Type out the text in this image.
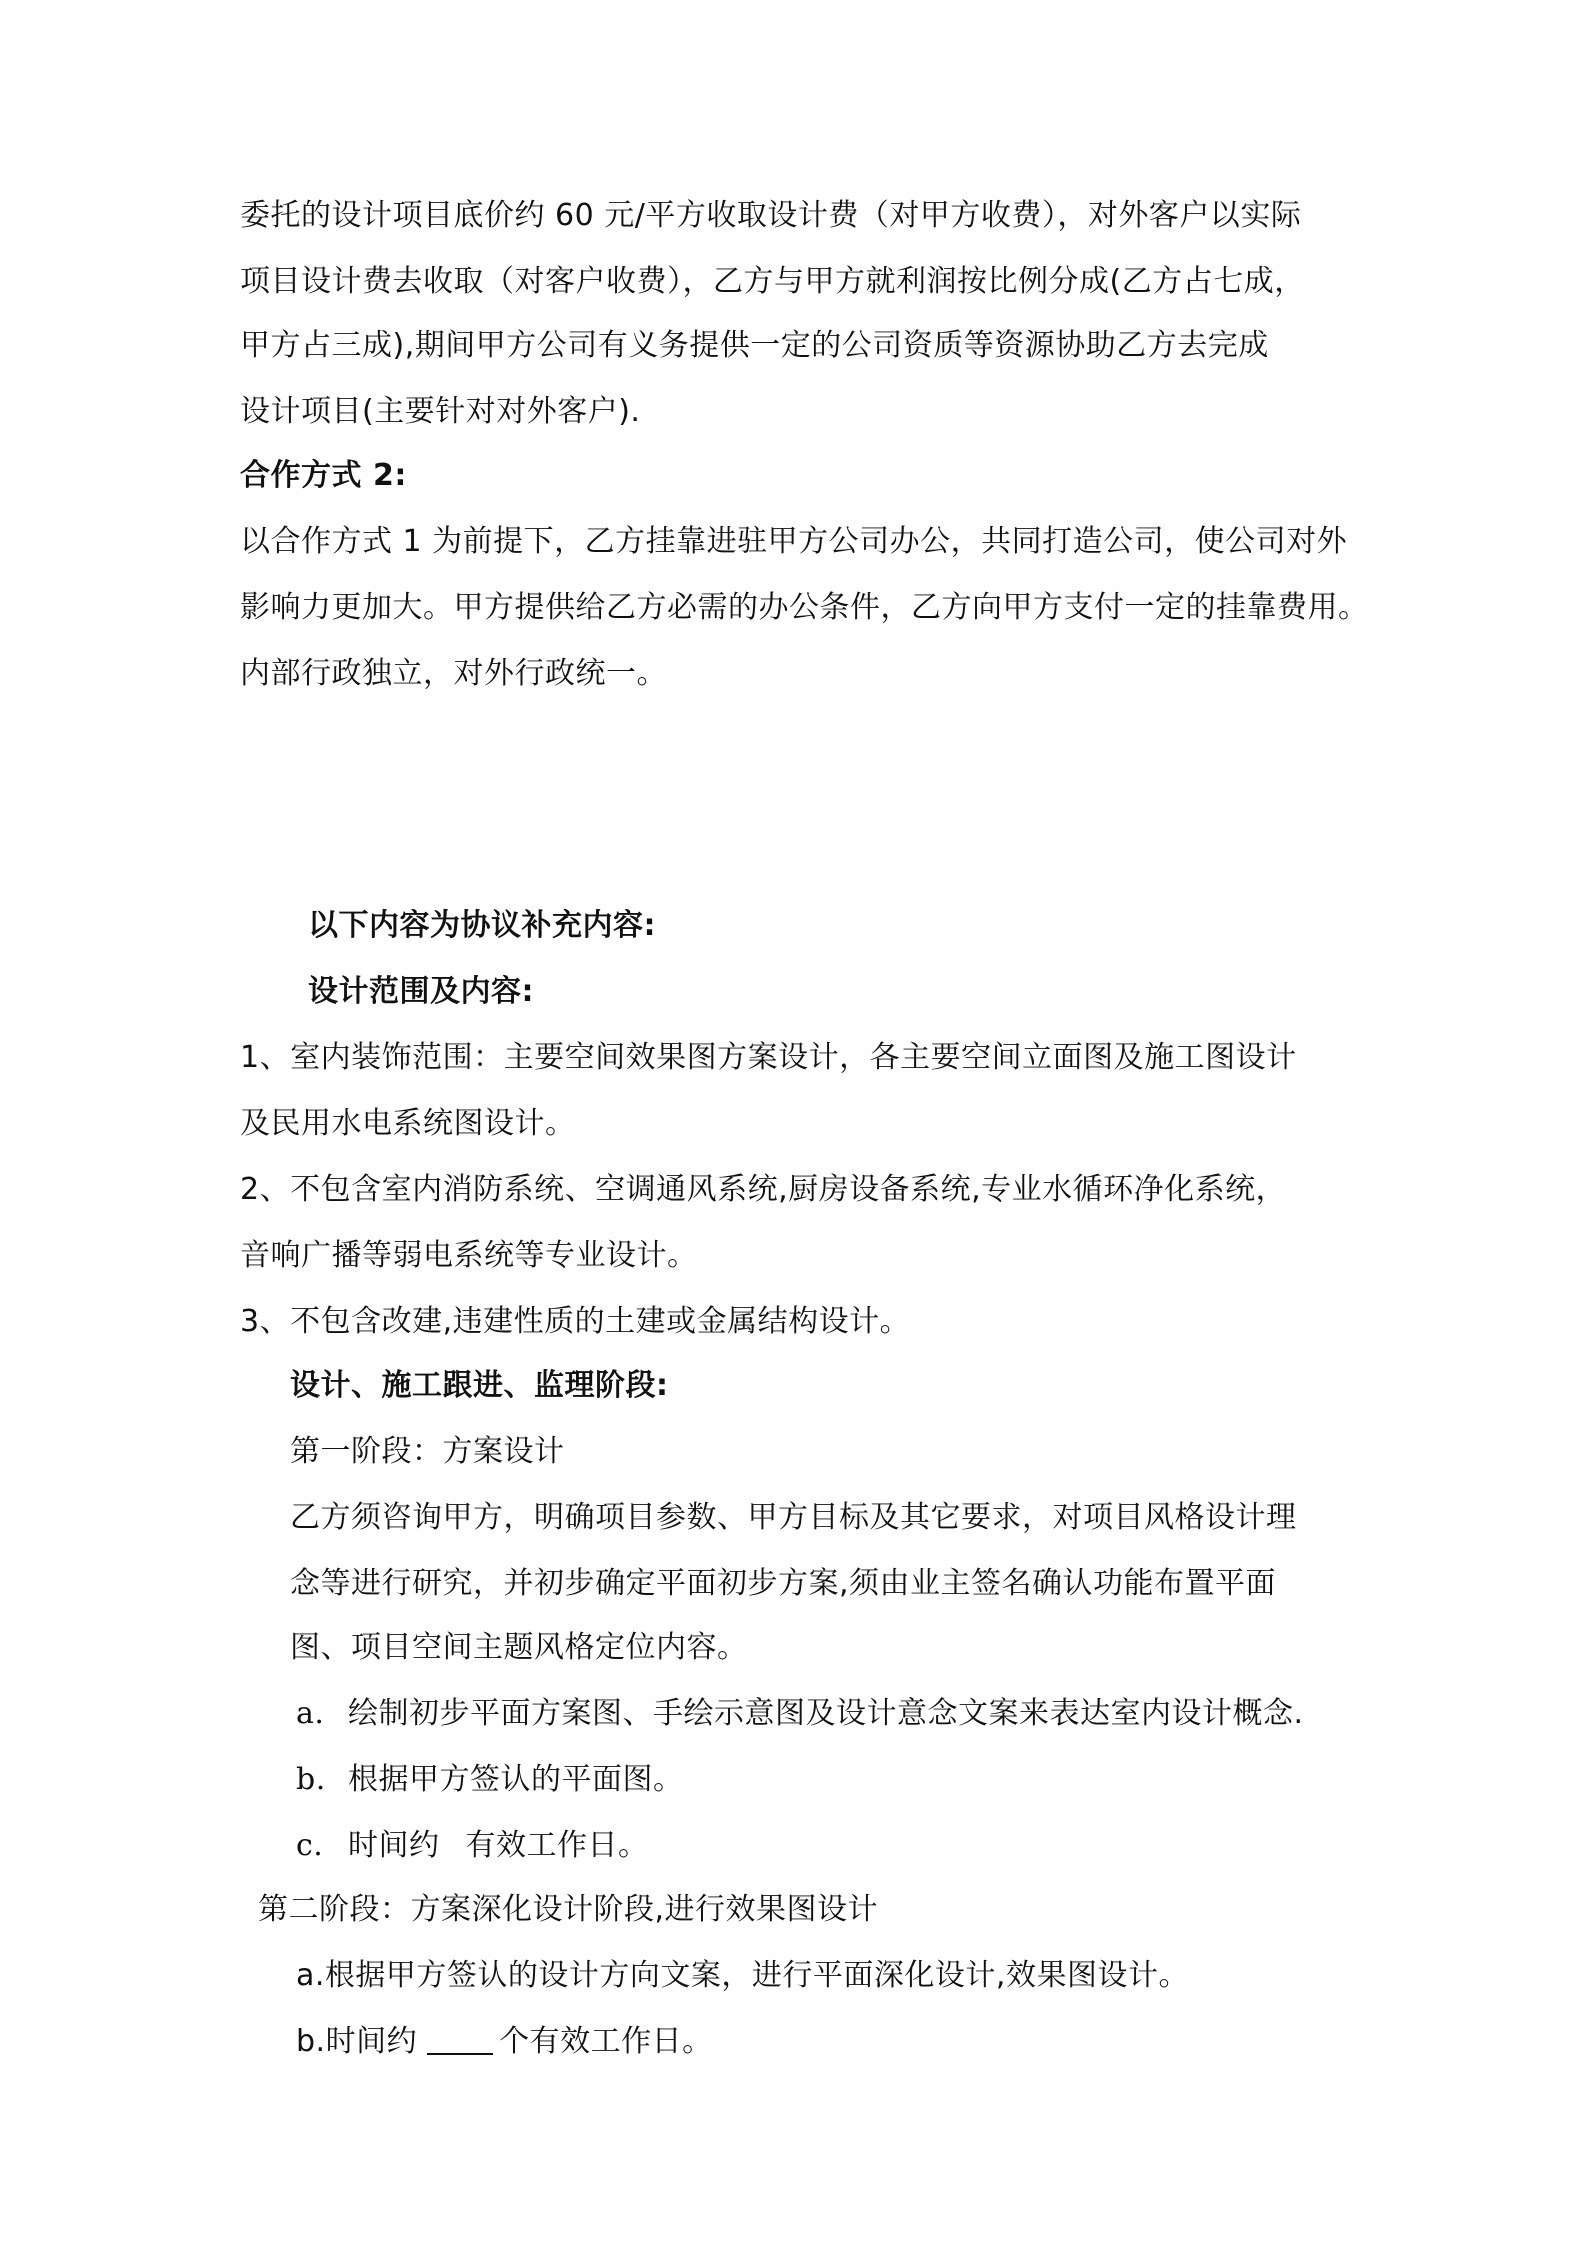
委托的设计项目底价约 60 元/平方收取设计费（对甲方收费），对外客户以实际
项目设计费去收取（对客户收费），乙方与甲方就利润按比例分成(乙方占七成，
甲方占三成),期间甲方公司有义务提供一定的公司资质等资源协助乙方去完成
设计项目(主要针对对外客户).
合作方式 2:
以合作方式 1 为前提下，乙方挂靠进驻甲方公司办公，共同打造公司，使公司对外
影响力更加大。甲方提供给乙方必需的办公条件，乙方向甲方支付一定的挂靠费用。
内部行政独立，对外行政统一。
以下内容为协议补充内容:
设计范围及内容:
1、室内装饰范围：主要空间效果图方案设计，各主要空间立面图及施工图设计
及民用水电系统图设计。
2、不包含室内消防系统、空调通风系统,厨房设备系统,专业水循环净化系统，
音响广播等弱电系统等专业设计。
3、不包含改建,违建性质的土建或金属结构设计。
设计、施工跟进、监理阶段:
第一阶段：方案设计
乙方须咨询甲方，明确项目参数、甲方目标及其它要求，对项目风格设计理
念等进行研究，并初步确定平面初步方案,须由业主签名确认功能布置平面
图、项目空间主题风格定位内容。
a. 绘制初步平面方案图、手绘示意图及设计意念文案来表达室内设计概念.
b. 根据甲方签认的平面图。
c. 时间约 有效工作日。
第二阶段：方案深化设计阶段,进行效果图设计
a.根据甲方签认的设计方向文案，进行平面深化设计,效果图设计。
b.时间约	个有效工作日。
